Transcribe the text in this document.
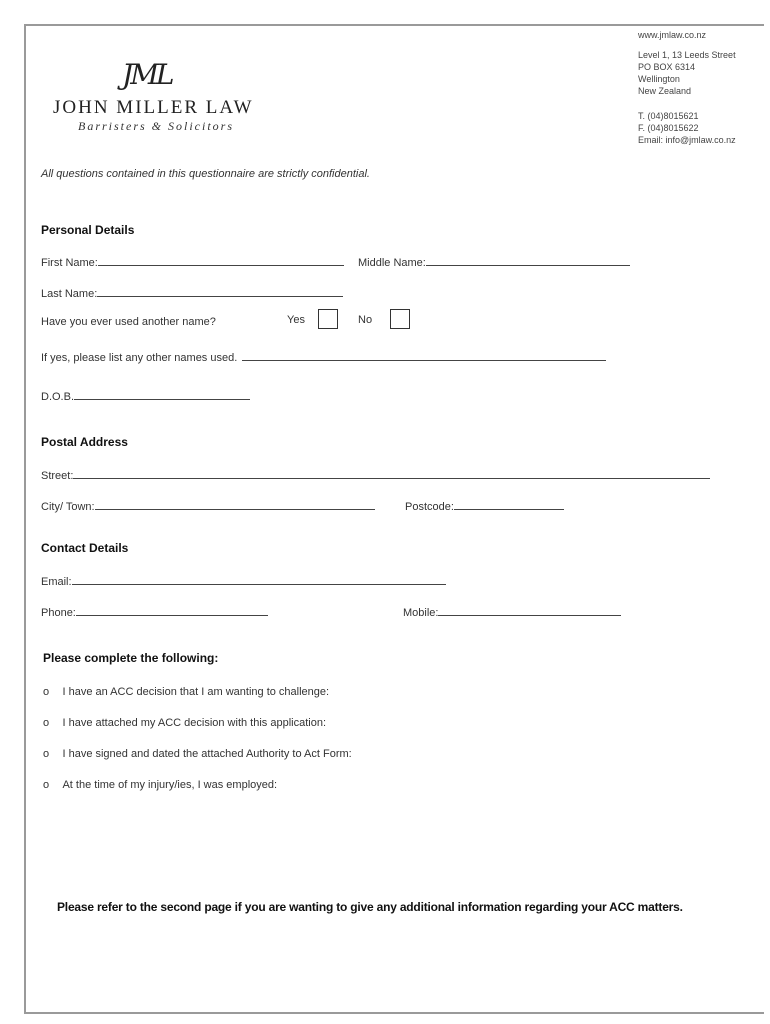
www.jmlaw.co.nz
Level 1, 13 Leeds Street
PO BOX 6314
Wellington
New Zealand
T. (04)8015621
F. (04)8015622
Email: info@jmlaw.co.nz
JML
JOHN MILLER LAW
Barristers & Solicitors
All questions contained in this questionnaire are strictly confidential.
Personal Details
First Name:	Middle Name:
Last Name:
Have you ever used another name?	Yes	No
If yes, please list any other names used.
D.O.B.
Postal Address
Street:
City/ Town:	Postcode:
Contact Details
Email:
Phone:	Mobile:
Please complete the following:
o I have an ACC decision that I am wanting to challenge:
o I have attached my ACC decision with this application:
o I have signed and dated the attached Authority to Act Form:
o At the time of my injury/ies, I was employed:
Please refer to the second page if you are wanting to give any additional information regarding your ACC matters.
